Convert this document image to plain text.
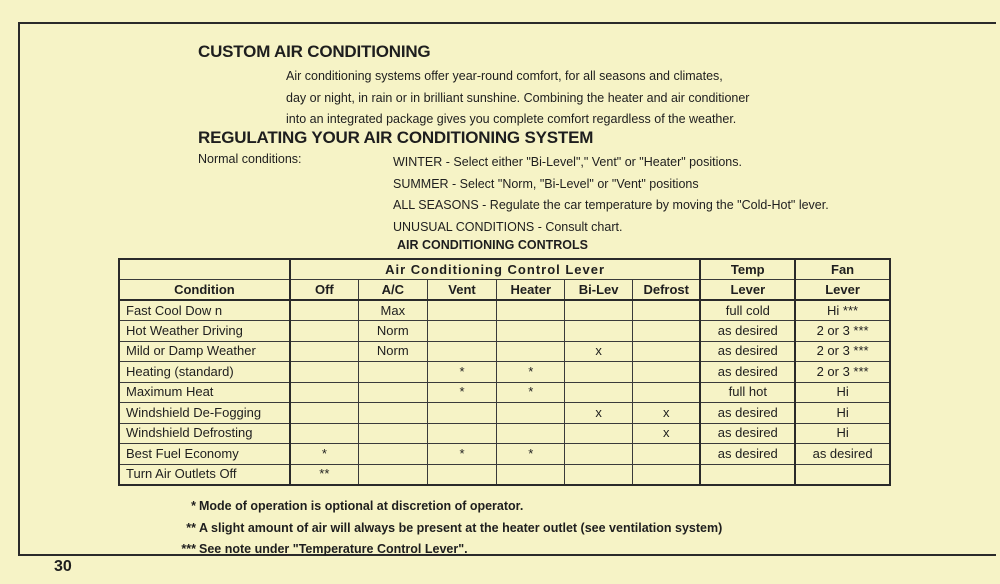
CUSTOM AIR CONDITIONING
Air conditioning systems offer year-round comfort, for all seasons and climates,
day or night, in rain or in brilliant sunshine. Combining the heater and air conditioner
into an integrated package gives you complete comfort regardless of the weather.
REGULATING YOUR AIR CONDITIONING SYSTEM
Normal conditions:	WINTER - Select either "Bi-Level"," Vent" or "Heater" positions.
SUMMER - Select "Norm, "Bi-Level" or "Vent" positions
ALL SEASONS - Regulate the car temperature by moving the "Cold-Hot" lever.
UNUSUAL CONDITIONS - Consult chart.
AIR CONDITIONING CONTROLS
	Air Conditioning Control Lever						Temp	Fan
Condition	Off	A/C	Vent	Heater	Bi-Lev	Defrost	Lever	Lever
Fast Cool Dow n		Max					full cold	Hi ***
Hot Weather Driving		Norm					as desired	2 or 3 ***
Mild or Damp Weather		Norm			x		as desired	2 or 3 ***
Heating (standard)			*	*			as desired	2 or 3 ***
Maximum Heat			*	*			full hot	Hi
Windshield De-Fogging					x	x	as desired	Hi
Windshield Defrosting						x	as desired	Hi
Best Fuel Economy	*		*	*			as desired	as desired
Turn Air Outlets Off	**							
* Mode of operation is optional at discretion of operator.
** A slight amount of air will always be present at the heater outlet (see ventilation system)
*** See note under "Temperature Control Lever".
30
